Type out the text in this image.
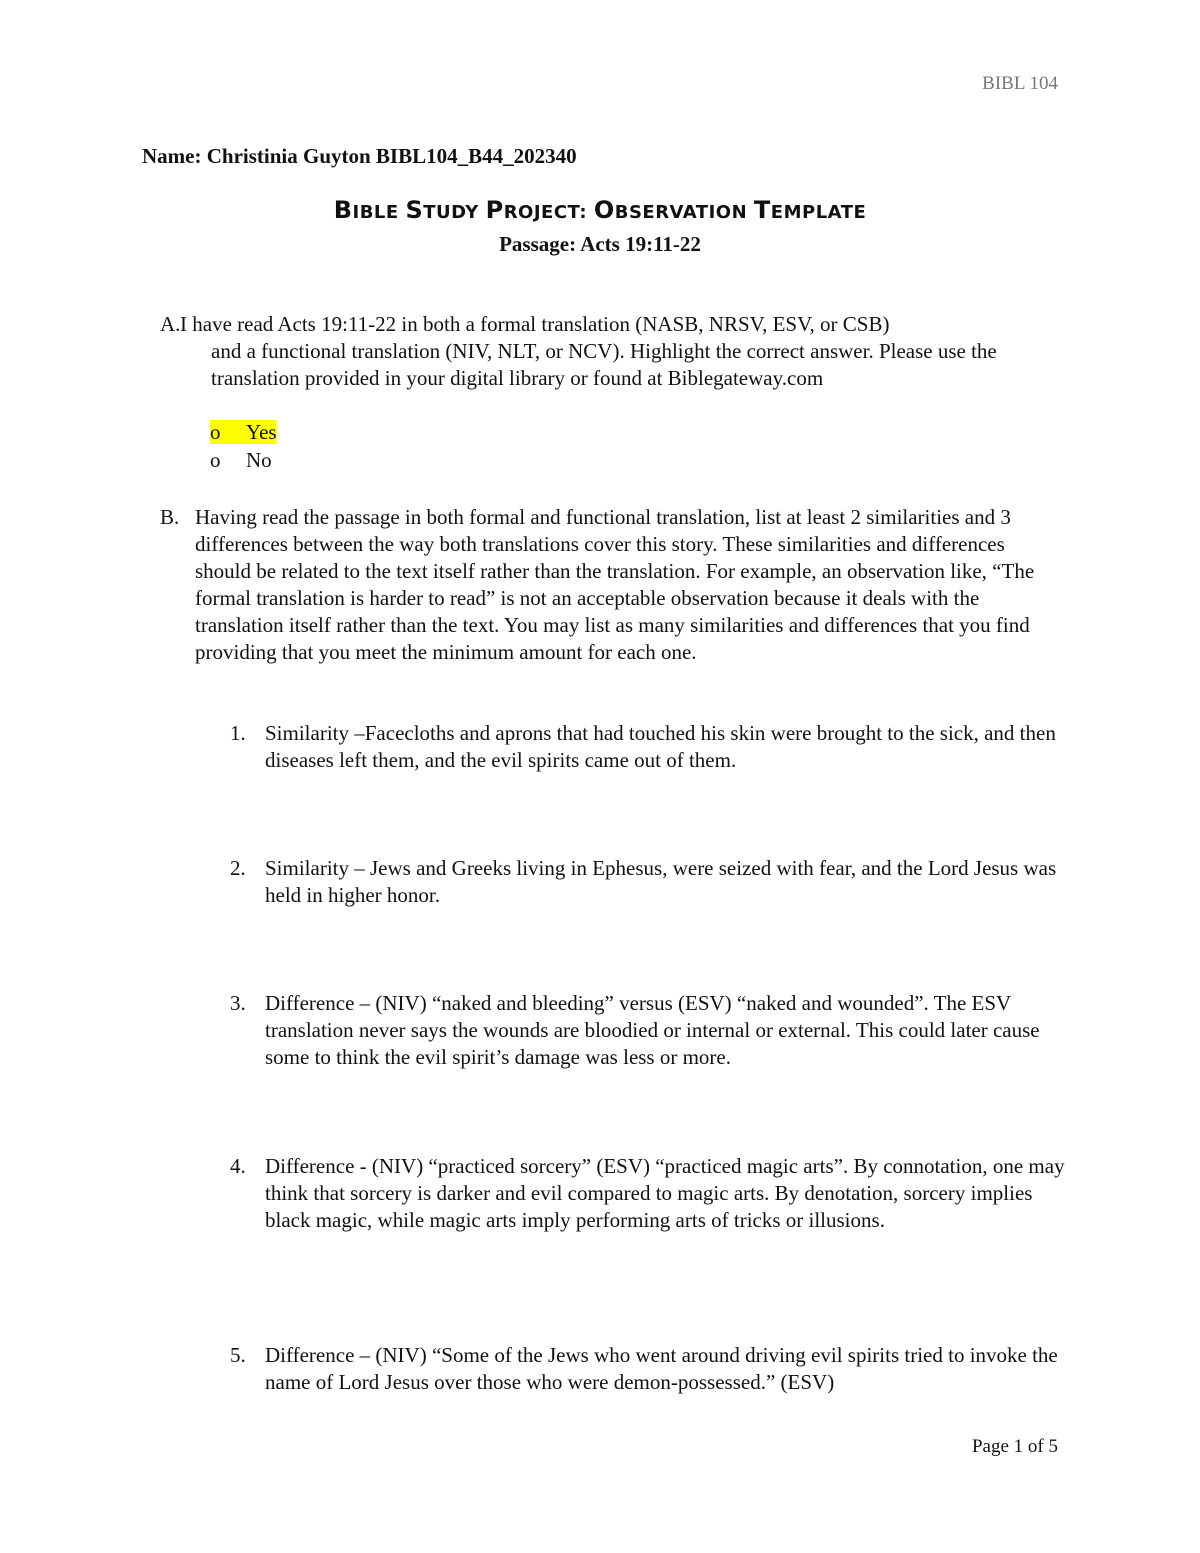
BIBL 104
Name: Christinia Guyton BIBL104_B44_202340
BIBLE STUDY PROJECT: OBSERVATION TEMPLATE
Passage: Acts 19:11-22
A. I have read Acts 19:11-22 in both a formal translation (NASB, NRSV, ESV, or CSB)
and a functional translation (NIV, NLT, or NCV). Highlight the correct answer. Please use the translation provided in your digital library or found at Biblegateway.com
o Yes
o No
B. Having read the passage in both formal and functional translation, list at least 2 similarities and 3 differences between the way both translations cover this story. These similarities and differences should be related to the text itself rather than the translation. For example, an observation like, “The formal translation is harder to read” is not an acceptable observation because it deals with the translation itself rather than the text. You may list as many similarities and differences that you find providing that you meet the minimum amount for each one.
1. Similarity –Facecloths and aprons that had touched his skin were brought to the sick, and then diseases left them, and the evil spirits came out of them.
2. Similarity – Jews and Greeks living in Ephesus, were seized with fear, and the Lord Jesus was held in higher honor.
3. Difference – (NIV) “naked and bleeding” versus (ESV) “naked and wounded”. The ESV translation never says the wounds are bloodied or internal or external. This could later cause some to think the evil spirit’s damage was less or more.
4. Difference - (NIV) “practiced sorcery” (ESV) “practiced magic arts”. By connotation, one may think that sorcery is darker and evil compared to magic arts. By denotation, sorcery implies black magic, while magic arts imply performing arts of tricks or illusions.
5. Difference – (NIV) “Some of the Jews who went around driving evil spirits tried to invoke the name of Lord Jesus over those who were demon-possessed.” (ESV)
Page 1 of 5
